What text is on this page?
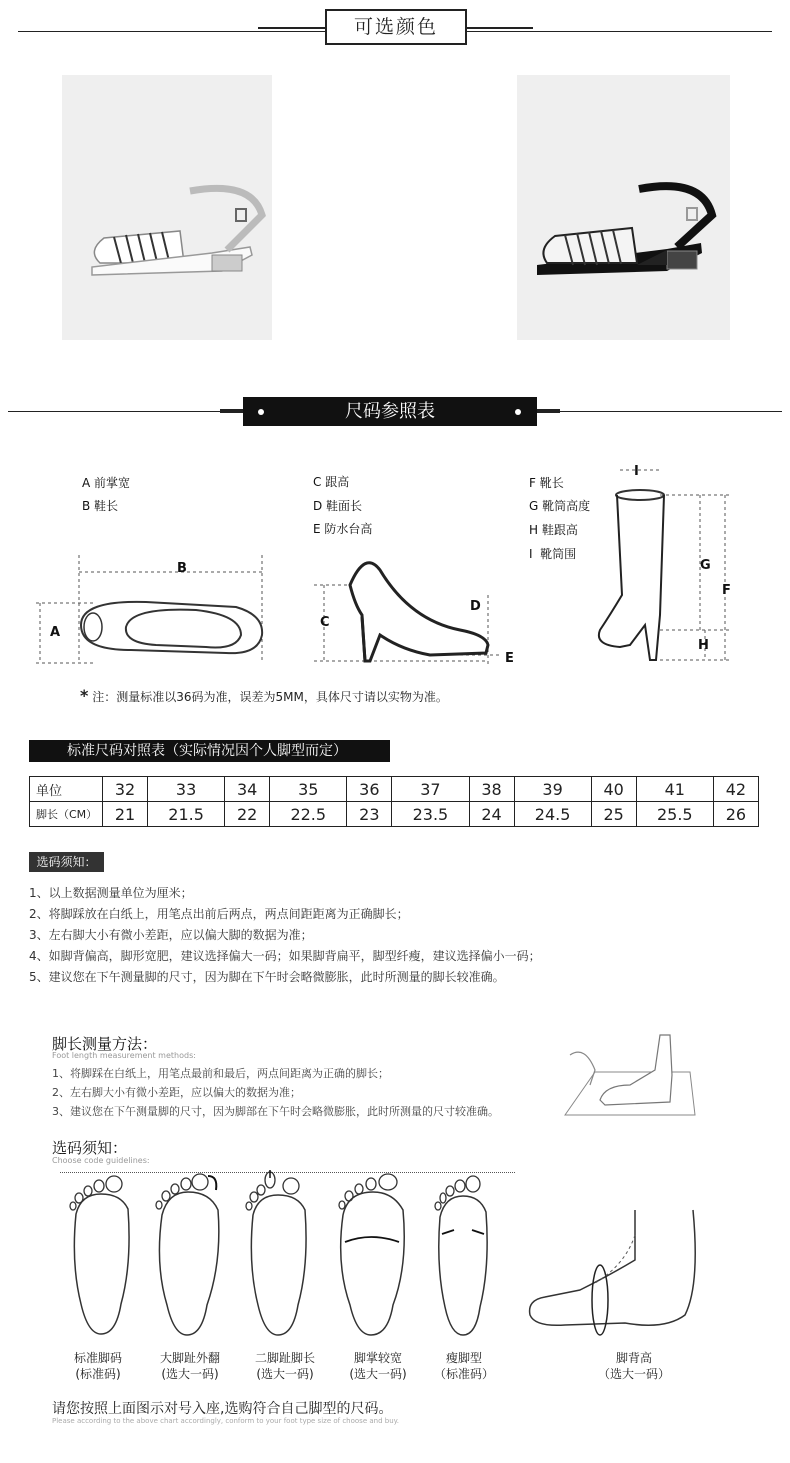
可选颜色
尺码参照表
A 前掌宽
B 鞋长
C 跟高
D 鞋面长
E 防水台高
F 靴长
G 靴筒高度
H 鞋跟高
I  靴筒围
B
A
C
D
E
I
G
F
H
* 注：测量标准以36码为准，误差为5MM，具体尺寸请以实物为准。
标准尺码对照表（实际情况因个人脚型而定）
单位	32	33	34	35	36	37	38	39	40	41	42
脚长（CM）	21	21.5	22	22.5	23	23.5	24	24.5	25	25.5	26
选码须知：
1、以上数据测量单位为厘米；
2、将脚踩放在白纸上，用笔点出前后两点，两点间距距离为正确脚长；
3、左右脚大小有微小差距，应以偏大脚的数据为准；
4、如脚背偏高，脚形宽肥，建议选择偏大一码；如果脚背扁平，脚型纤瘦，建议选择偏小一码；
5、建议您在下午测量脚的尺寸，因为脚在下午时会略微膨胀，此时所测量的脚长较准确。
脚长测量方法：
Foot length measurement methods:
1、将脚踩在白纸上，用笔点最前和最后，两点间距离为正确的脚长；
2、左右脚大小有微小差距，应以偏大的数据为准；
3、建议您在下午测量脚的尺寸，因为脚部在下午时会略微膨胀，此时所测量的尺寸较准确。
选码须知：
Choose code guidelines:
标准脚码
(标准码)
大脚趾外翻
(选大一码)
二脚趾脚长
(选大一码)
脚掌较宽
(选大一码)
瘦脚型
（标准码）
脚背高
（选大一码）
请您按照上面图示对号入座,选购符合自己脚型的尺码。
Please according to the above chart accordingly, conform to your foot type size of choose and buy.
